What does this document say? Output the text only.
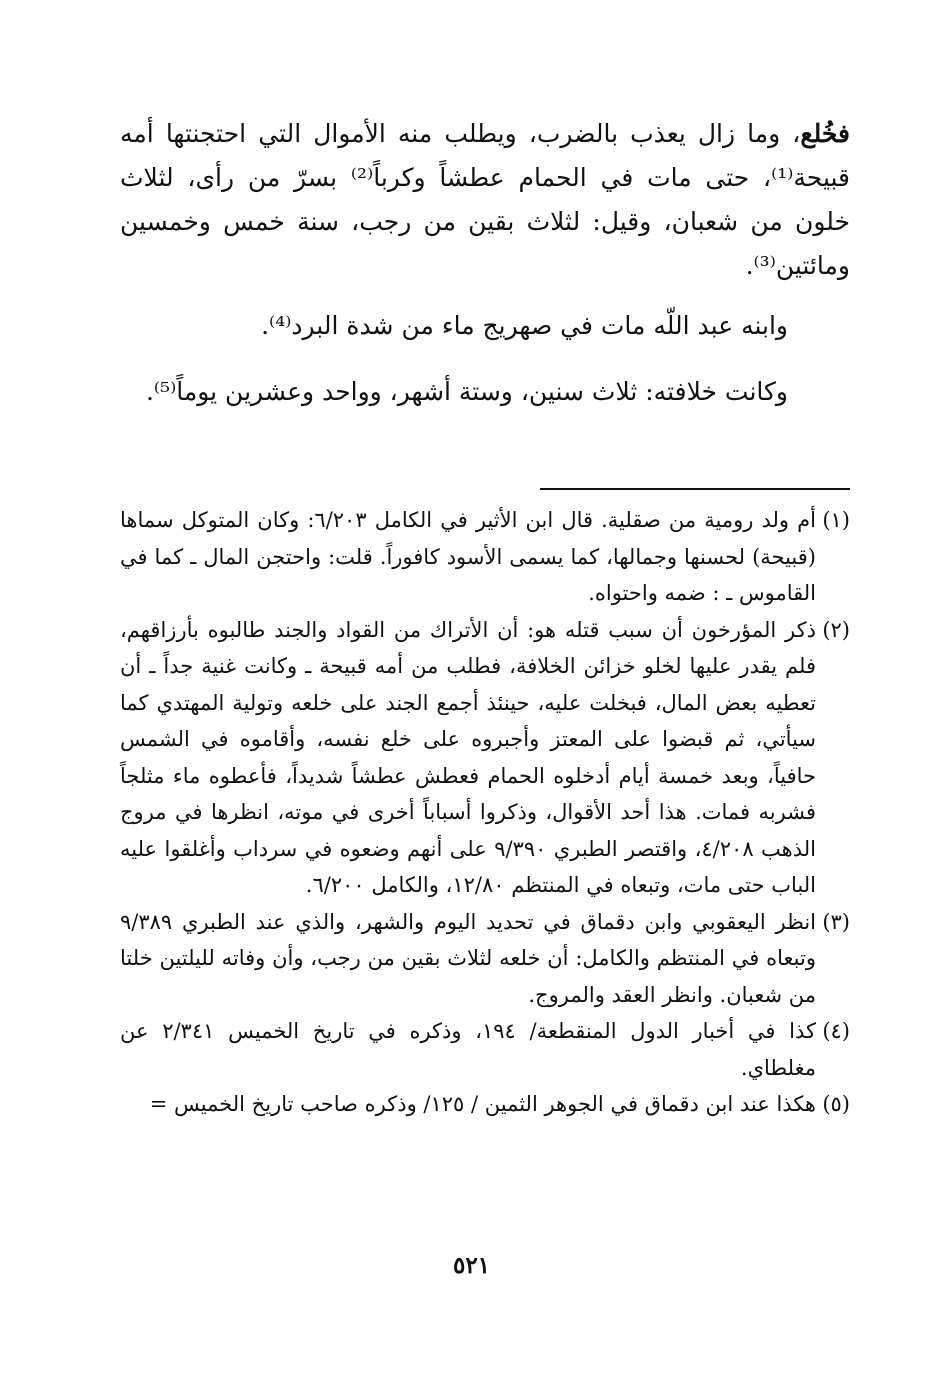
فخُلع، وما زال يعذب بالضرب، ويطلب منه الأموال التي احتجنتها أمه قبيحة⁽¹⁾، حتى مات في الحمام عطشاً وكرباً⁽²⁾ بسرّ من رأى، لثلاث خلون من شعبان، وقيل: لثلاث بقين من رجب، سنة خمس وخمسين ومائتين⁽³⁾.

وابنه عبد اللّه مات في صهريج ماء من شدة البرد⁽⁴⁾.

وكانت خلافته: ثلاث سنين، وستة أشهر، وواحد وعشرين يوماً⁽⁵⁾.

(١)
أم ولد رومية من صقلية. قال ابن الأثير في الكامل ٦/٢٠٣: وكان المتوكل سماها (قبيحة) لحسنها وجمالها، كما يسمى الأسود كافوراً. قلت: واحتجن المال ـ كما في القاموس ـ : ضمه واحتواه.
(٢)
ذكر المؤرخون أن سبب قتله هو: أن الأتراك من القواد والجند طالبوه بأرزاقهم، فلم يقدر عليها لخلو خزائن الخلافة، فطلب من أمه قبيحة ـ وكانت غنية جداً ـ أن تعطيه بعض المال، فبخلت عليه، حينئذ أجمع الجند على خلعه وتولية المهتدي كما سيأتي، ثم قبضوا على المعتز وأجبروه على خلع نفسه، وأقاموه في الشمس حافياً، وبعد خمسة أيام أدخلوه الحمام فعطش عطشاً شديداً، فأعطوه ماء مثلجاً فشربه فمات. هذا أحد الأقوال، وذكروا أسباباً أخرى في موته، انظرها في مروج الذهب ٤/٢٠٨، واقتصر الطبري ٩/٣٩٠ على أنهم وضعوه في سرداب وأغلقوا عليه الباب حتى مات، وتبعاه في المنتظم ١٢/٨٠، والكامل ٦/٢٠٠.
(٣)
انظر اليعقوبي وابن دقماق في تحديد اليوم والشهر، والذي عند الطبري ٩/٣٨٩ وتبعاه في المنتظم والكامل: أن خلعه لثلاث بقين من رجب، وأن وفاته لليلتين خلتا من شعبان. وانظر العقد والمروج.
(٤)
كذا في أخبار الدول المنقطعة/ ١٩٤، وذكره في تاريخ الخميس ٢/٣٤١ عن مغلطاي.
(٥)
هكذا عند ابن دقماق في الجوهر الثمين / ١٢٥/ وذكره صاحب تاريخ الخميس =
٥٢١
